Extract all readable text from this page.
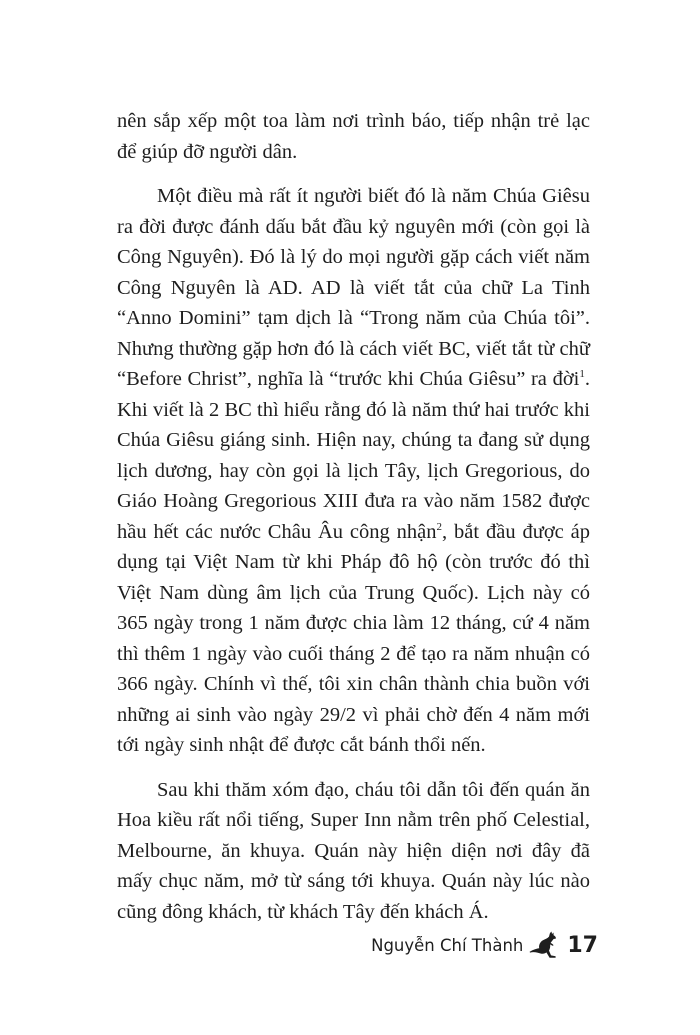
nên sắp xếp một toa làm nơi trình báo, tiếp nhận trẻ lạc để giúp đỡ người dân.

Một điều mà rất ít người biết đó là năm Chúa Giêsu ra đời được đánh dấu bắt đầu kỷ nguyên mới (còn gọi là Công Nguyên). Đó là lý do mọi người gặp cách viết năm Công Nguyên là AD. AD là viết tắt của chữ La Tinh “Anno Domini” tạm dịch là “Trong năm của Chúa tôi”. Nhưng thường gặp hơn đó là cách viết BC, viết tắt từ chữ “Before Christ”, nghĩa là “trước khi Chúa Giêsu” ra đời$^1$. Khi viết là 2 BC thì hiểu rằng đó là năm thứ hai trước khi Chúa Giêsu giáng sinh. Hiện nay, chúng ta đang sử dụng lịch dương, hay còn gọi là lịch Tây, lịch Gregorious, do Giáo Hoàng Gregorious XIII đưa ra vào năm 1582 được hầu hết các nước Châu Âu công nhận$^2$, bắt đầu được áp dụng tại Việt Nam từ khi Pháp đô hộ (còn trước đó thì Việt Nam dùng âm lịch của Trung Quốc). Lịch này có 365 ngày trong 1 năm được chia làm 12 tháng, cứ 4 năm thì thêm 1 ngày vào cuối tháng 2 để tạo ra năm nhuận có 366 ngày. Chính vì thế, tôi xin chân thành chia buồn với những ai sinh vào ngày 29/2 vì phải chờ đến 4 năm mới tới ngày sinh nhật để được cắt bánh thổi nến.

Sau khi thăm xóm đạo, cháu tôi dẫn tôi đến quán ăn Hoa kiều rất nổi tiếng, Super Inn nằm trên phố Celestial, Melbourne, ăn khuya. Quán này hiện diện nơi đây đã mấy chục năm, mở từ sáng tới khuya. Quán này lúc nào cũng đông khách, từ khách Tây đến khách Á.

Nguyễn Chí Thành 17
